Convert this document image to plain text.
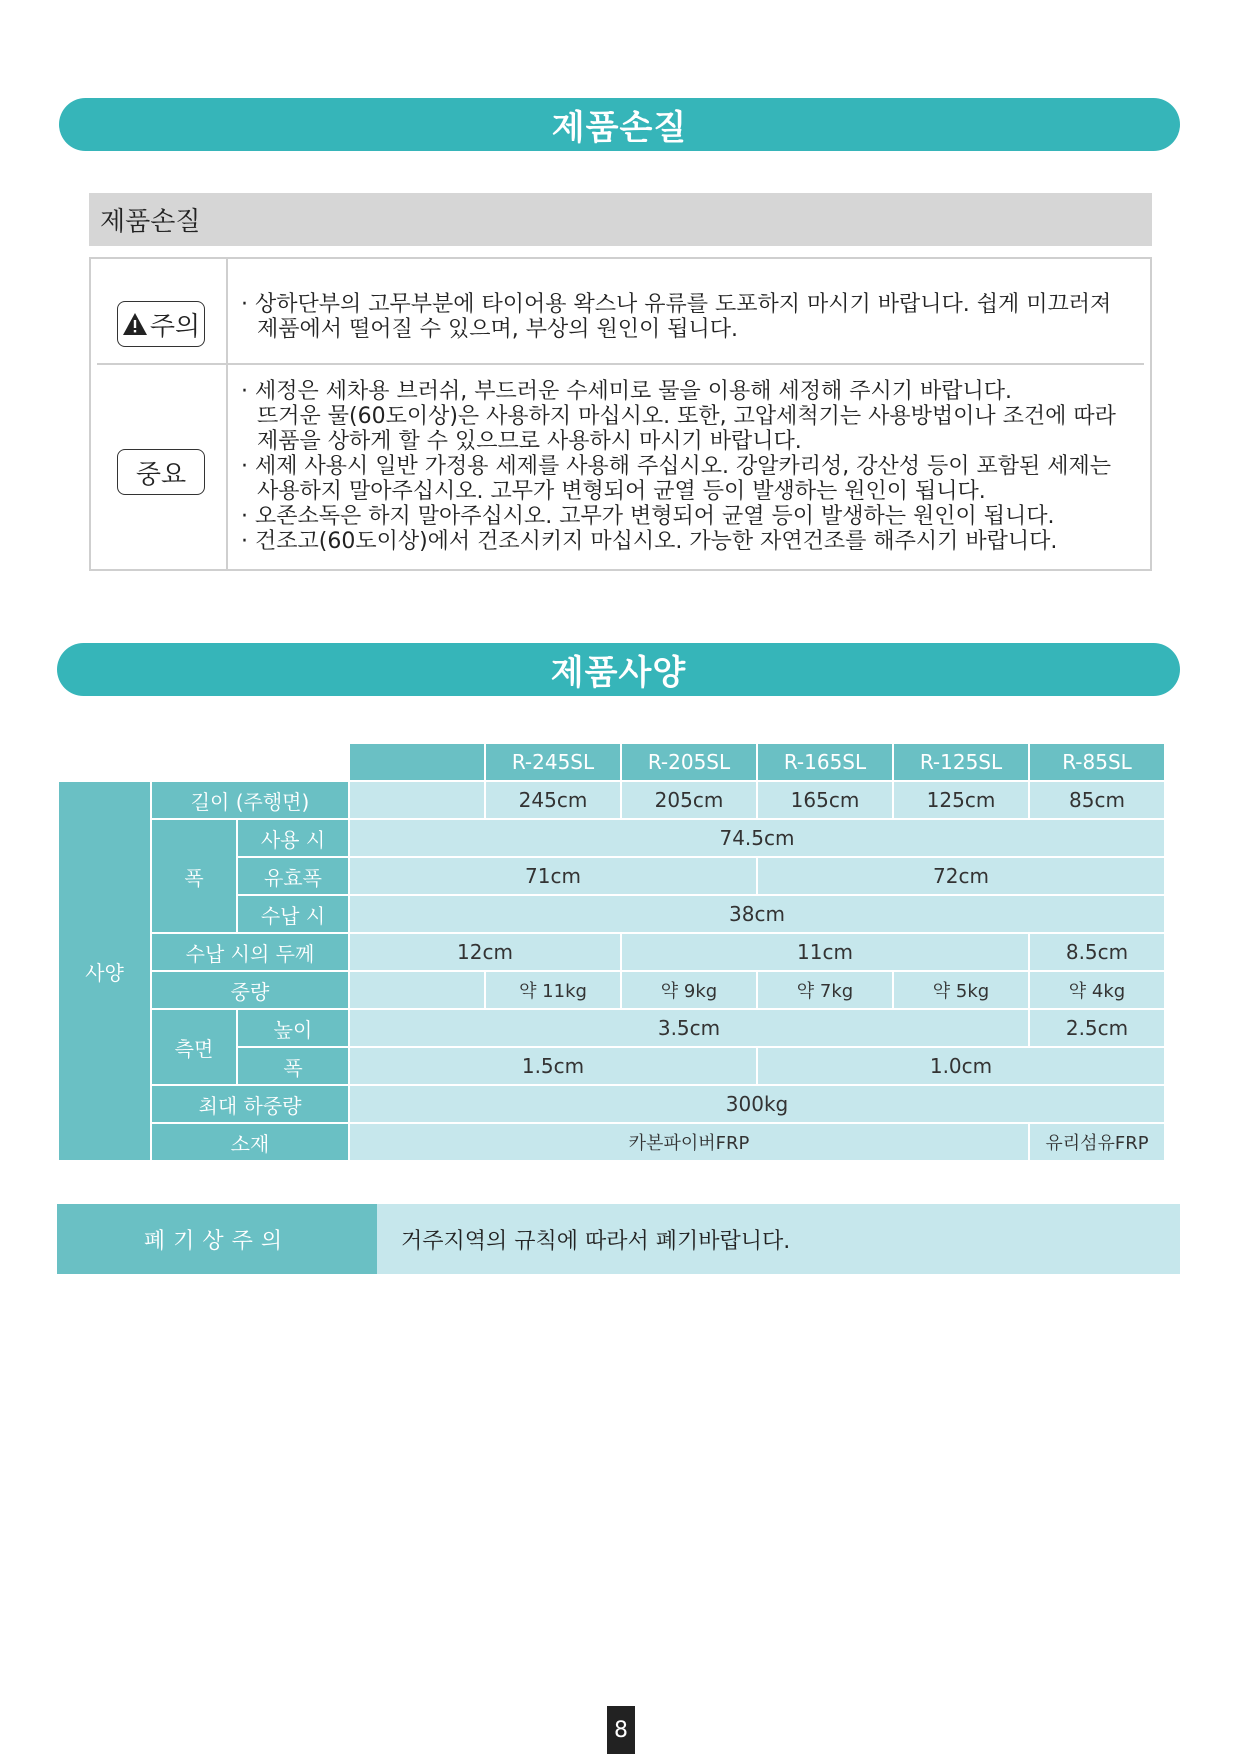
제품손질
제품손질
주의

· 상하단부의 고무부분에 타이어용 왁스나 유류를 도포하지 마시기 바랍니다. 쉽게 미끄러져

제품에서 떨어질 수 있으며, 부상의 원인이 됩니다.

중요

· 세정은 세차용 브러쉬, 부드러운 수세미로 물을 이용해 세정해 주시기 바랍니다.

뜨거운 물(60도이상)은 사용하지 마십시오. 또한, 고압세척기는 사용방법이나 조건에 따라

제품을 상하게 할 수 있으므로 사용하시 마시기 바랍니다.

· 세제 사용시 일반 가정용 세제를 사용해 주십시오. 강알카리성, 강산성 등이 포함된 세제는

사용하지 말아주십시오. 고무가 변형되어 균열 등이 발생하는 원인이 됩니다.

· 오존소독은 하지 말아주십시오. 고무가 변형되어 균열 등이 발생하는 원인이 됩니다.

· 건조고(60도이상)에서 건조시키지 마십시오. 가능한 자연건조를 해주시기 바랍니다.

제품사양
				R-245SL	R-205SL	R-165SL	R-125SL	R-85SL
사양	길이 (주행면)			245cm	205cm	165cm	125cm	85cm
	폭	사용 시	74.5cm					
		유효폭	71cm			72cm		
		수납 시	38cm					
	수납 시의 두께		12cm		11cm			8.5cm
	중량			약 11kg	약 9kg	약 7kg	약 5kg	약 4kg
	측면	높이	3.5cm					2.5cm
		폭	1.5cm			1.0cm		
	최대 하중량		300kg					
	소재		카본파이버FRP					유리섬유FRP
폐기상주의	거주지역의 규칙에 따라서 폐기바랍니다.
8
